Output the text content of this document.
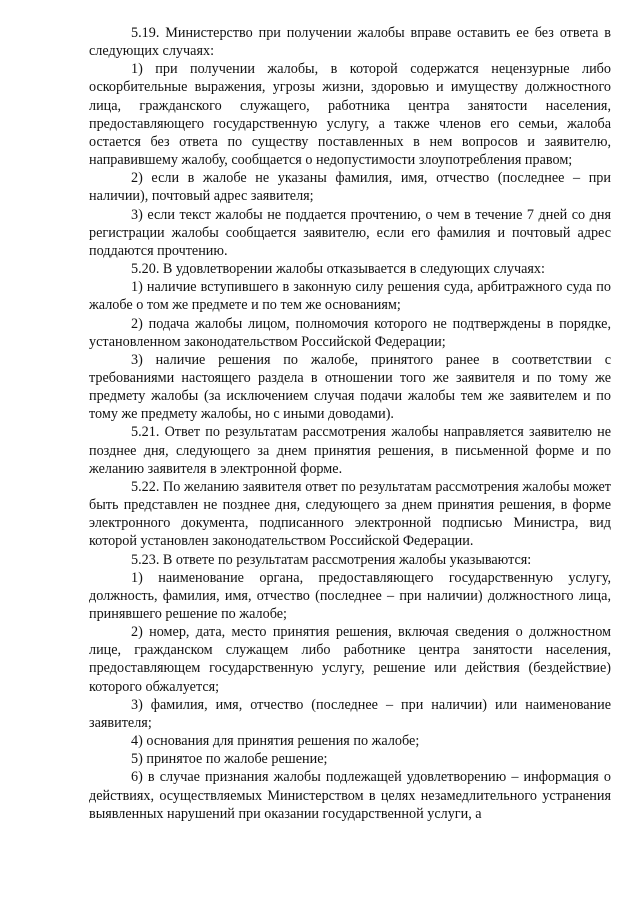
5.19. Министерство при получении жалобы вправе оставить ее без ответа в следующих случаях:

1) при получении жалобы, в которой содержатся нецензурные либо оскорбительные выражения, угрозы жизни, здоровью и имуществу должностного лица, гражданского служащего, работника центра занятости населения, предоставляющего государственную услугу, а также членов его семьи, жалоба остается без ответа по существу поставленных в нем вопросов и заявителю, направившему жалобу, сообщается о недопустимости злоупотребления правом;

2) если в жалобе не указаны фамилия, имя, отчество (последнее – при наличии), почтовый адрес заявителя;

3) если текст жалобы не поддается прочтению, о чем в течение 7 дней со дня регистрации жалобы сообщается заявителю, если его фамилия и почтовый адрес поддаются прочтению.

5.20. В удовлетворении жалобы отказывается в следующих случаях:

1) наличие вступившего в законную силу решения суда, арбитражного суда по жалобе о том же предмете и по тем же основаниям;

2) подача жалобы лицом, полномочия которого не подтверждены в порядке, установленном законодательством Российской Федерации;

3) наличие решения по жалобе, принятого ранее в соответствии с требованиями настоящего раздела в отношении того же заявителя и по тому же предмету жалобы (за исключением случая подачи жалобы тем же заявителем и по тому же предмету жалобы, но с иными доводами).

5.21. Ответ по результатам рассмотрения жалобы направляется заявителю не позднее дня, следующего за днем принятия решения, в письменной форме и по желанию заявителя в электронной форме.

5.22. По желанию заявителя ответ по результатам рассмотрения жалобы может быть представлен не позднее дня, следующего за днем принятия решения, в форме электронного документа, подписанного электронной подписью Министра, вид которой установлен законодательством Российской Федерации.

5.23. В ответе по результатам рассмотрения жалобы указываются:

1) наименование органа, предоставляющего государственную услугу, должность, фамилия, имя, отчество (последнее – при наличии) должностного лица, принявшего решение по жалобе;

2) номер, дата, место принятия решения, включая сведения о должностном лице, гражданском служащем либо работнике центра занятости населения, предоставляющем государственную услугу, решение или действия (бездействие) которого обжалуется;

3) фамилия, имя, отчество (последнее – при наличии) или наименование заявителя;

4) основания для принятия решения по жалобе;

5) принятое по жалобе решение;

6) в случае признания жалобы подлежащей удовлетворению – информация о действиях, осуществляемых Министерством в целях незамедлительного устранения выявленных нарушений при оказании государственной услуги, а
